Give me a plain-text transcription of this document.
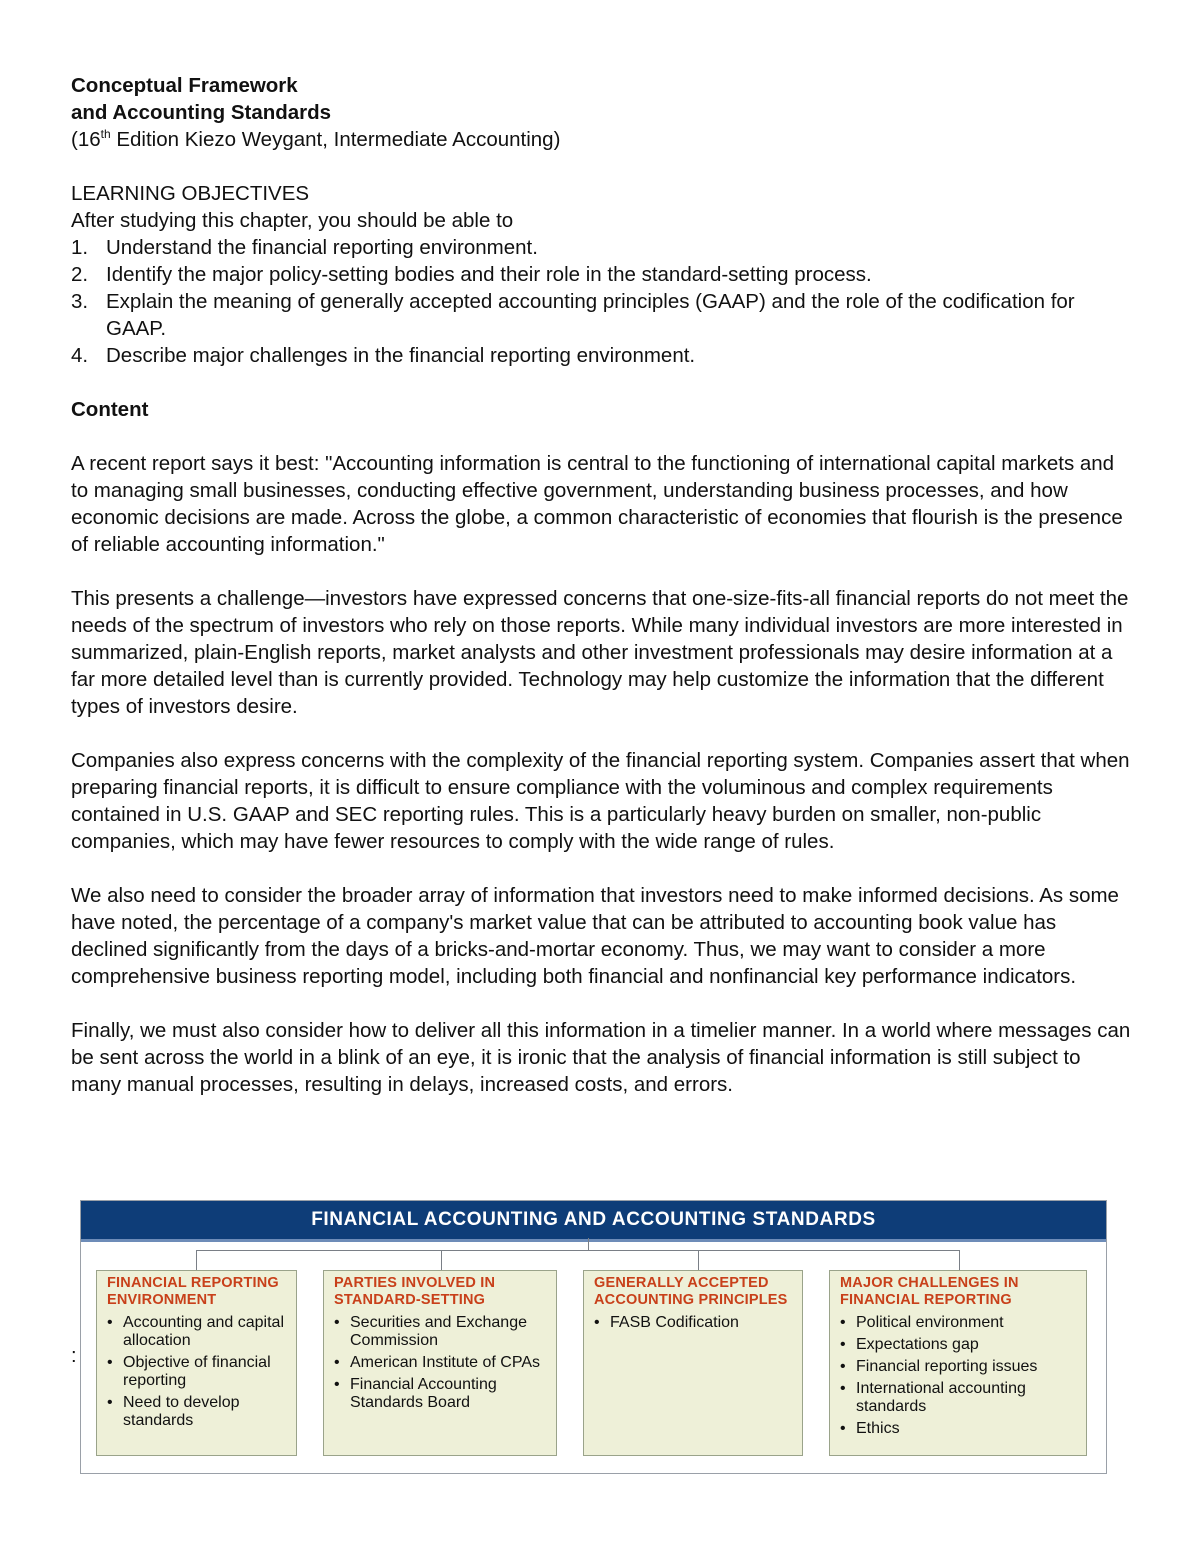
Conceptual Framework
and Accounting Standards
(16th Edition Kiezo Weygant, Intermediate Accounting)
LEARNING OBJECTIVES
After studying this chapter, you should be able to
1. Understand the financial reporting environment.
2. Identify the major policy-setting bodies and their role in the standard-setting process.
3. Explain the meaning of generally accepted accounting principles (GAAP) and the role of the codification for GAAP.
4. Describe major challenges in the financial reporting environment.
Content

A recent report says it best: "Accounting information is central to the functioning of international capital markets and to managing small businesses, conducting effective government, understanding business processes, and how economic decisions are made. Across the globe, a common characteristic of economies that flourish is the presence of reliable accounting information."

This presents a challenge—investors have expressed concerns that one-size-fits-all financial reports do not meet the needs of the spectrum of investors who rely on those reports. While many individual investors are more interested in summarized, plain-English reports, market analysts and other investment professionals may desire information at a far more detailed level than is currently provided. Technology may help customize the information that the different types of investors desire.

Companies also express concerns with the complexity of the financial reporting system. Companies assert that when preparing financial reports, it is difficult to ensure compliance with the voluminous and complex requirements contained in U.S. GAAP and SEC reporting rules. This is a particularly heavy burden on smaller, non-public companies, which may have fewer resources to comply with the wide range of rules.

We also need to consider the broader array of information that investors need to make informed decisions. As some have noted, the percentage of a company's market value that can be attributed to accounting book value has declined significantly from the days of a bricks-and-mortar economy. Thus, we may want to consider a more comprehensive business reporting model, including both financial and nonfinancial key performance indicators.

Finally, we must also consider how to deliver all this information in a timelier manner. In a world where messages can be sent across the world in a blink of an eye, it is ironic that the analysis of financial information is still subject to many manual processes, resulting in delays, increased costs, and errors.

:
FINANCIAL ACCOUNTING AND ACCOUNTING STANDARDS
FINANCIAL REPORTING ENVIRONMENT
• Accounting and capital allocation
• Objective of financial reporting
• Need to develop standards
PARTIES INVOLVED IN STANDARD-SETTING
• Securities and Exchange Commission
• American Institute of CPAs
• Financial Accounting Standards Board
GENERALLY ACCEPTED ACCOUNTING PRINCIPLES
• FASB Codification
MAJOR CHALLENGES IN FINANCIAL REPORTING
• Political environment
• Expectations gap
• Financial reporting issues
• International accounting standards
• Ethics
